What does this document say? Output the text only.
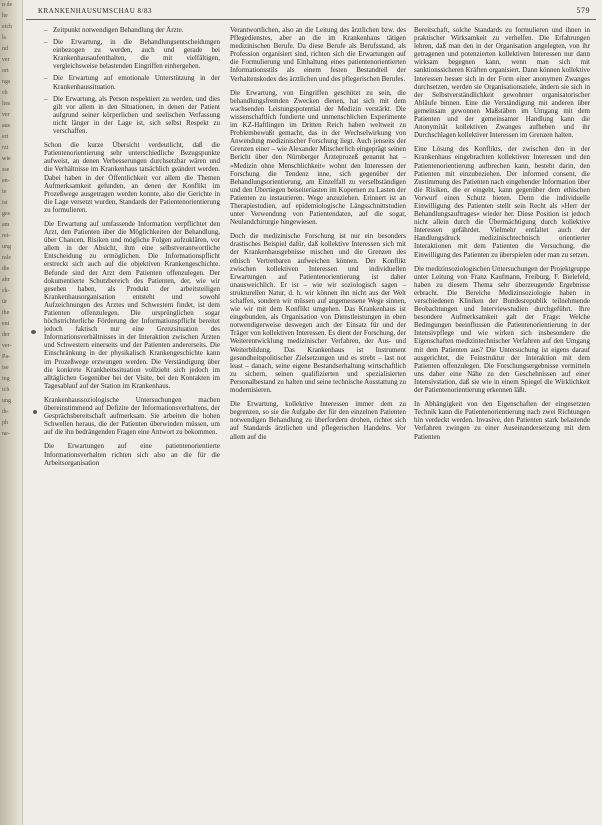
n de
he
eich
ls
nd
ver
ort
ngs
ch
lies
ver
aus
ert
rzt
wie
sse
en-
ie
ist
ges
am
rei-
ung
rale
die
ahr
ck-
ür
the
ent
der
ver-
Pa-
ise
ing
ich
ung
ih-
ph
ne-
KRANKENHAUSUMSCHAU 8/83	579
– Zeitpunkt notwendigen Behandlung der Ärzte.
– Die Erwartung, in die Behandlungsentscheidungen einbezogen zu werden, auch und gerade bei Krankenhausaufenthalten, die mit vielfältigen, vergleichsweise belastenden Eingriffen einhergehen.
– Die Erwartung auf emotionale Unterstützung in der Krankenhaussituation.
– Die Erwartung, als Person respektiert zu werden, und dies gilt vor allem in den Situationen, in denen der Patient aufgrund seiner körperlichen und seelischen Verfassung nicht länger in der Lage ist, sich selbst Respekt zu verschaffen.

Schon die kurze Übersicht verdeutlicht, daß die Patientenorientierung sehr unterschiedliche Bezugspunkte aufweist, an denen Verbesserungen durchsetzbar wären und die Verhältnisse im Krankenhaus tatsächlich geändert werden. Dabei haben in der Öffentlichkeit vor allem die Themen Aufmerksamkeit gefunden, an denen der Konflikt im Prozeßwege ausgetragen werden konnte, also die Gerichte in die Lage versetzt wurden, Standards der Patientenorientierung zu formulieren.

Die Erwartung auf umfassende Information verpflichtet den Arzt, den Patienten über die Möglichkeiten der Behandlung, über Chancen, Risiken und mögliche Folgen aufzuklären, vor allem in der Absicht, ihm eine selbstverantwortliche Entscheidung zu ermöglichen. Die Informationspflicht erstreckt sich auch auf die objektiven Krankengeschichte. Befunde sind der Arzt dem Patienten offenzulegen. Der dokumentierte Schutzbereich des Patienten, der, wie wir gesehen haben, als Produkt der arbeitsteiligen Krankenhausorganisation entsteht und sowohl Aufzeichnungen des Arztes und Schwestern findet, ist dem Patienten offenzulegen. Die ursprünglichen sogar höchstrichterliche Förderung der Informationspflicht bereitet jedoch faktisch nur eine Grenzsituation des Informationsverhältnisses in der Interaktion zwischen Ärzten und Schwestern einerseits und der Patienten andererseits. Die Einschränkung in der physikalisch Krankengeschichte kann im Prozeßwege erzwungen werden. Die Verständigung über die konkrete Krankheitssituation vollzieht sich jedoch im alltäglichen Gegenüber bei der Visite, bei den Kontakten im Tagesablauf auf der Station im Krankenhaus.

Krankenhaussoziologische Untersuchungen machen übereinstimmend auf Defizite der Informationsverhaltens, der Gesprächsbereitschaft aufmerksam. Sie arbeiten die hohen Schwellen heraus, die der Patienten überwinden müssen, um auf die ihn bedrängenden Fragen eine Antwort zu bekommen.

Die Erwartungen auf eine patientenorientierte Informationsverhalten richten sich also an die für die Arbeitsorganisation

Verantwortlichen, also an die Leitung des ärztlichen bzw. des Pflegedienstes, aber an die im Krankenhaus tätigen medizinischen Berufe. Da diese Berufe als Berufsstand, als Profession organisiert sind, richten sich die Erwartungen auf die Formulierung und Einhaltung eines patientenorientierten Informationsstils als einem festen Bestandteil der Verhaltenskodex des ärztlichen und des pflegerischen Berufes.

Die Erwartung, von Eingriffen geschützt zu sein, die behandlungsfremden Zwecken dienen, hat sich mit dem wachsenden Leistungspotential der Medizin verstärkt. Die wissenschaftlich fundierte und unmenschlichen Experimente im KZ-Haftlingen im Dritten Reich haben weltweit zu Problembewußt gemacht, das in der Wechselwirkung von Anwendung medizinischer Forschung liegt. Auch jenseits der Grenzen einer – wie Alexander Mitscherlich eingeprägt seinen Bericht über den Nürnberger Ärzteprozeß genannt hat – »Medizin ohne Menschlichkeit« wohnt den Interessen der Forschung die Tendenz inne, sich gegenüber der Behandlungsorientierung, am Einzelfall zu verselbständigen und den Übertiegen beiseiteriasten im Kopernen zu Lasten der Patienten zu instaurieren. Wege anzuziehen. Erinnert ist an Therapiestudien, auf epidemiologische Längsschnittstudien unter Verwendung von Patientendaten, auf die sogar, Neulandchirurgie hingewiesen.

Doch die medizinische Forschung ist nur ein besonders drastisches Beispiel dafür, daß kollektive Interessen sich mit der Krankenhausgebnisse mischen und die Grenzen des ethisch Vertretbaren aufweichen können. Der Konflikt zwischen kollektiven Interessen und individuellen Erwartungen auf Patientenorientierung ist daher unausweichlich. Er ist – wie wir soziologisch sagen – strukturellen Natur, d. h. wir können ihn nicht aus der Welt schaffen, sondern wir müssen auf angemessene Wege sinnen, wie wir mit dem Konflikt umgehen. Das Krankenhaus ist eingebunden, als Organisation von Dienstleistungen in eben notwendigerweise deswegen auch der Einsatz für und der Träger von kollektiven Interessen. Es dient der Forschung, der Weiterentwicklung medizinischer Verfahren, der Aus- und Weiterbildung. Das Krankenhaus ist Instrument gesundheitspolitischer Zielsetzungen und es strebt – last not least – danach, seine eigene Bestandserhaltung wirtschaftlich zu sichern, seinen qualifizierten und spezialisierten Personalbestand zu halten und seine technische Ausstattung zu modernisieren.

Die Erwartung, kollektive Interessen immer dem zu begrenzen, so sie die Aufgabe der für den einzelnen Patienten notwendigen Behandlung zu überfordern drohen, richtet sich auf Standards ärztlichen und pflegerischen Handelns. Vor allem auf die

Bereitschaft, solche Standards zu formulieren und ihnen in praktischer Wirksamkeit zu verhelfen. Die Erfahrungen lehren, daß man den in der Organisation angelegten, von ihr getragenen und potenzierten kollektiven Interessen nur dann wirksam begegnen kann, wenn man sich mit sanktionssicheren Kräften organisiert. Dann können kollektive Interessen besser sich in der Form einer anonymen Zwanges durchsetzen, werden sie Organisationsziele, ändern sie sich in der Selbstverständlichkeit gewohnter organisatorischer Abläufe binnen. Eine die Verständigung mit anderen über gemeinsam gewonnen Maßstäben im Umgang mit dem Patienten und der gemeinsamer Handlung kann die Anonymität kollektiven Zwanges aufheben und ihr Durchschlagen kollektiver Interessen im Grenzen halten.

Eine Lösung des Konflikts, der zwischen den in der Krankenhaus eingebrachten kollektiven Interessen und den Patientenorientierung aufbrechen kann, besteht darin, den Patienten mit einzubeziehen. Der informed consent, die Zustimmung des Patienten nach eingehender Information über die Risiken, die er eingeht, kann gegenüber dem ethischen Vorwurf einen Schutz bieten. Denn die individuelle Einwilligung des Patienten stellt sein Recht als »Herr der Behandlungsauftrages« wieder her. Diese Position ist jedoch nicht allein durch die Übermächtigung durch kollektive Interessen gefährdet. Vielmehr entfaltet auch der Handlungsdruck medizinischtechnisch orientierter Interaktionen mit dem Patienten die Versuchung, die Einwilligung des Patienten zu überspielen oder man zu setzen.

Die medizinsoziologischen Untersuchungen der Projektgruppe unter Leitung von Franz Kaufmann, Freiburg, F. Bielefeld, haben zu diesem Thema sehr überzeugende Ergebnisse erbracht. Die Bereiche Medizinsoziologie haben in verschiedenen Kliniken der Bundesrepublik teilnehmende Beobachtungen und Interviewstudien durchgeführt. Ihre besondere Aufmerksamkeit galt der Frage: Welche Bedingungen beeinflussen die Patientenorientierung in der Intensivpflege und wie wirken sich insbesondere die Eigenschaften medizintechnischer Verfahren auf den Umgang mit dem Patienten aus? Die Untersuchung ist eigens darauf ausgerichtet, die Feinstruktur der Interaktion mit dem Patienten offenzulegen. Die Forschungsergebnisse vermitteln uns daher eine Nähe zu den Geschehnissen auf einer Intensivstation, daß sie wie in einem Spiegel die Wirklichkeit der Patientenorientierung erkennen läßt.

In Abhängigkeit von den Eigenschaften der eingesetzten Technik kann die Patientenorientierung nach zwei Richtungen hin verdeckt werden. Invasive, den Patienten stark belastende Verfahren zwingen zu einer Auseinandersetzung mit dem Patienten
